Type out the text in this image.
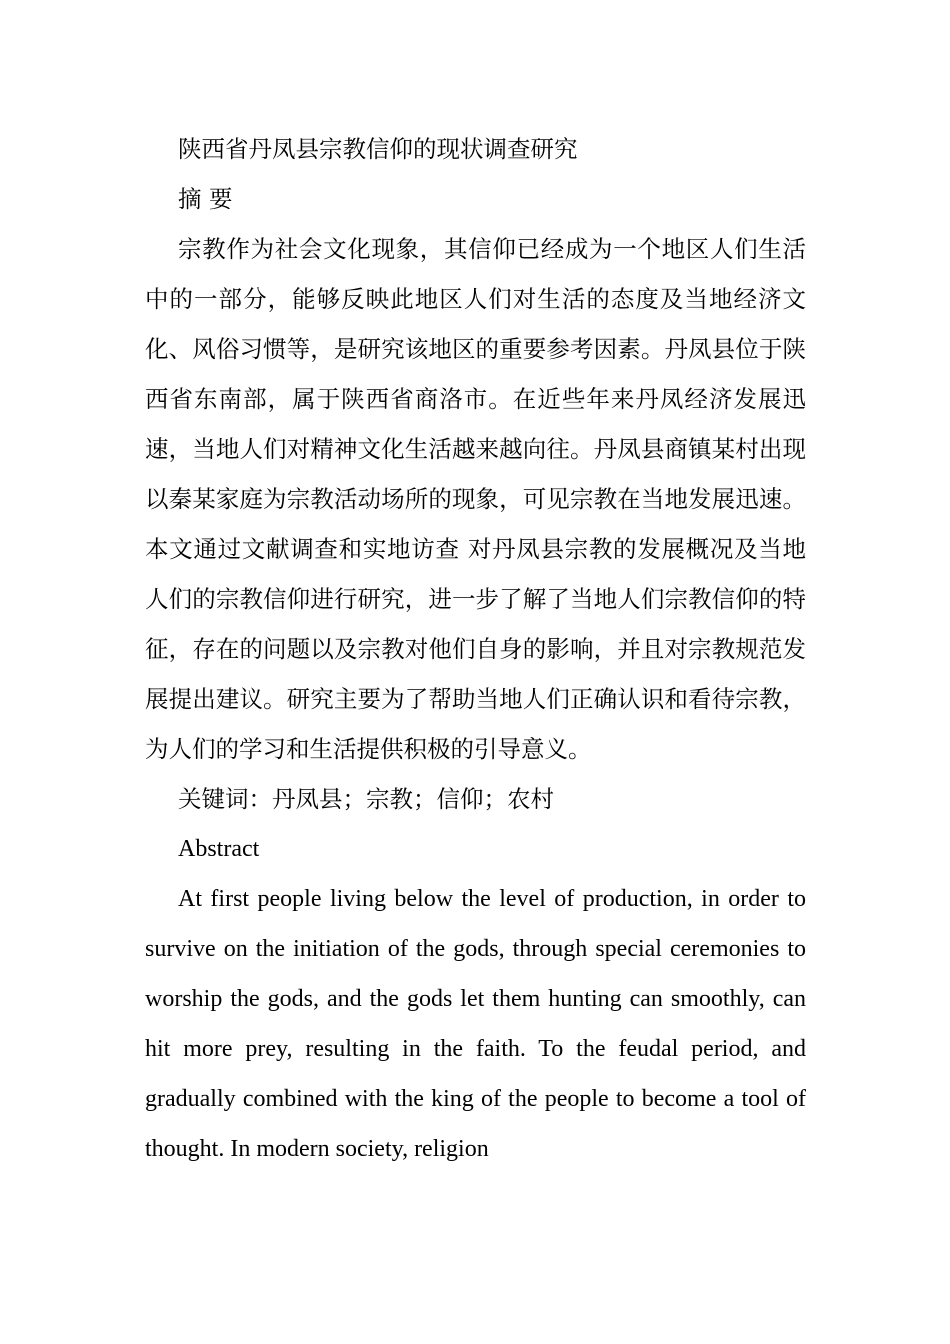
陕西省丹凤县宗教信仰的现状调查研究
摘 要

宗教作为社会文化现象，其信仰已经成为一个地区人们生活中的一部分，能够反映此地区人们对生活的态度及当地经济文化、风俗习惯等，是研究该地区的重要参考因素。丹凤县位于陕西省东南部，属于陕西省商洛市。在近些年来丹凤经济发展迅速，当地人们对精神文化生活越来越向往。丹凤县商镇某村出现以秦某家庭为宗教活动场所的现象，可见宗教在当地发展迅速。本文通过文献调查和实地访查 对丹凤县宗教的发展概况及当地人们的宗教信仰进行研究，进一步了解了当地人们宗教信仰的特征，存在的问题以及宗教对他们自身的影响，并且对宗教规范发展提出建议。研究主要为了帮助当地人们正确认识和看待宗教，为人们的学习和生活提供积极的引导意义。

关键词：丹凤县；宗教；信仰；农村
Abstract

At first people living below the level of production, in order to survive on the initiation of the gods, through special ceremonies to worship the gods, and the gods let them hunting can smoothly, can hit more prey, resulting in the faith. To the feudal period, and gradually combined with the king of the people to become a tool of thought. In modern society, religion
